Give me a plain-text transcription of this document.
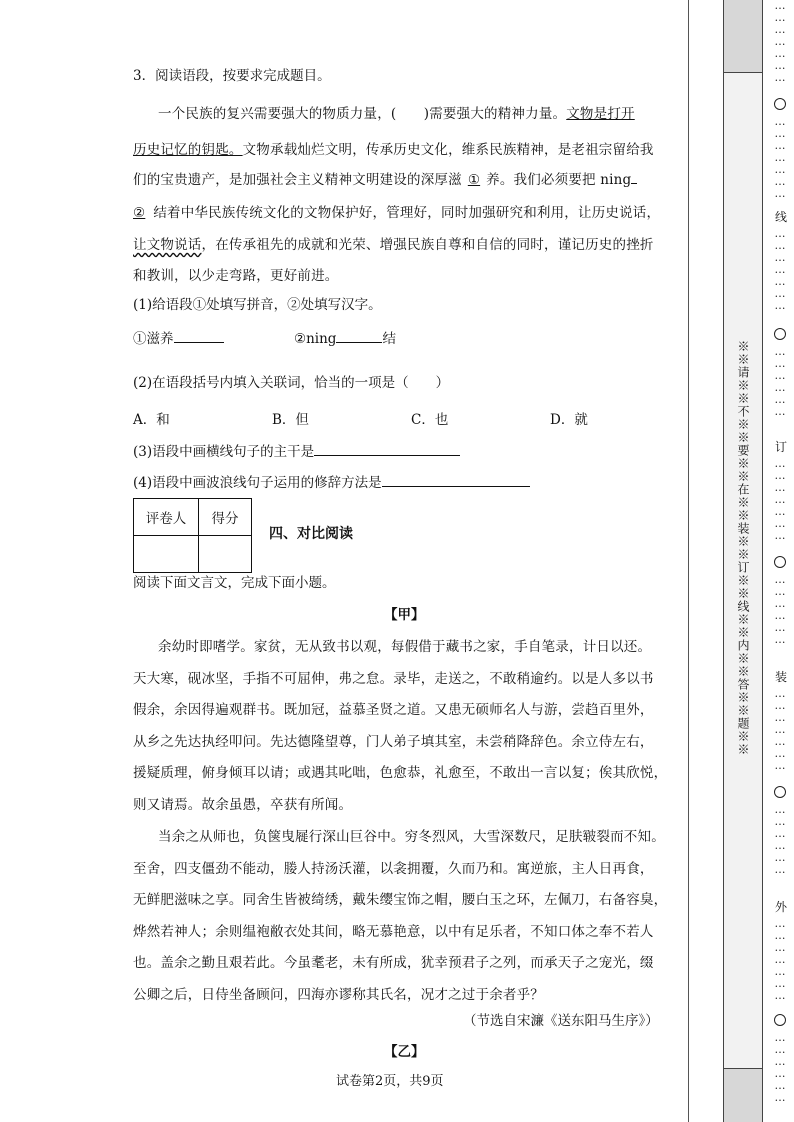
3．阅读语段，按要求完成题目。
一个民族的复兴需要强大的物质力量，(　　)需要强大的精神力量。文物是打开
历史记忆的钥匙。文物承载灿烂文明，传承历史文化，维系民族精神，是老祖宗留给我
们的宝贵遗产，是加强社会主义精神文明建设的深厚滋 ① 养。我们必须要把 ning
② 结着中华民族传统文化的文物保护好，管理好，同时加强研究和利用，让历史说话，
让文物说话，在传承祖先的成就和光荣、增强民族自尊和自信的同时，谨记历史的挫折
和教训，以少走弯路，更好前进。
(1)给语段①处填写拼音，②处填写汉字。
①滋养	②ning	结
(2)在语段括号内填入关联词，恰当的一项是（　　）
A．和	B．但	C．也	D．就
(3)语段中画横线句子的主干是
(4)语段中画波浪线句子运用的修辞方法是
评卷人	得分

四、对比阅读
阅读下面文言文，完成下面小题。
【甲】
余幼时即嗜学。家贫，无从致书以观，每假借于藏书之家，手自笔录，计日以还。
天大寒，砚冰坚，手指不可屈伸，弗之怠。录毕，走送之，不敢稍逾约。以是人多以书
假余，余因得遍观群书。既加冠，益慕圣贤之道。又患无硕师名人与游，尝趋百里外，
从乡之先达执经叩问。先达德隆望尊，门人弟子填其室，未尝稍降辞色。余立侍左右，
援疑质理，俯身倾耳以请；或遇其叱咄，色愈恭，礼愈至，不敢出一言以复；俟其欣悦，
则又请焉。故余虽愚，卒获有所闻。
当余之从师也，负箧曳屣行深山巨谷中。穷冬烈风，大雪深数尺，足肤皲裂而不知。
至舍，四支僵劲不能动，媵人持汤沃灌，以衾拥覆，久而乃和。寓逆旅，主人日再食，
无鲜肥滋味之享。同舍生皆被绮绣，戴朱缨宝饰之帽，腰白玉之环，左佩刀，右备容臭，
烨然若神人；余则缊袍敝衣处其间，略无慕艳意，以中有足乐者，不知口体之奉不若人
也。盖余之勤且艰若此。今虽耄老，未有所成，犹幸预君子之列，而承天子之宠光，缀
公卿之后，日侍坐备顾问，四海亦谬称其氏名，况才之过于余者乎？
（节选自宋濂《送东阳马生序》）
【乙】
试卷第2页，共9页
※※请※※不※※要※※在※※装※※订※※线※※内※※答※※题※※
…
…
…
…
…
…
…

…
…
…
…
…
…
…

线
…
…
…
…
…
…
…

…
…
…
…
…
…

订
…
…
…
…
…
…
…

…
…
…
…
…
…

装
…
…
…
…
…
…
…

…
…
…
…
…
…

外
…
…
…
…
…
…
…

…
…
…
…
…
…
